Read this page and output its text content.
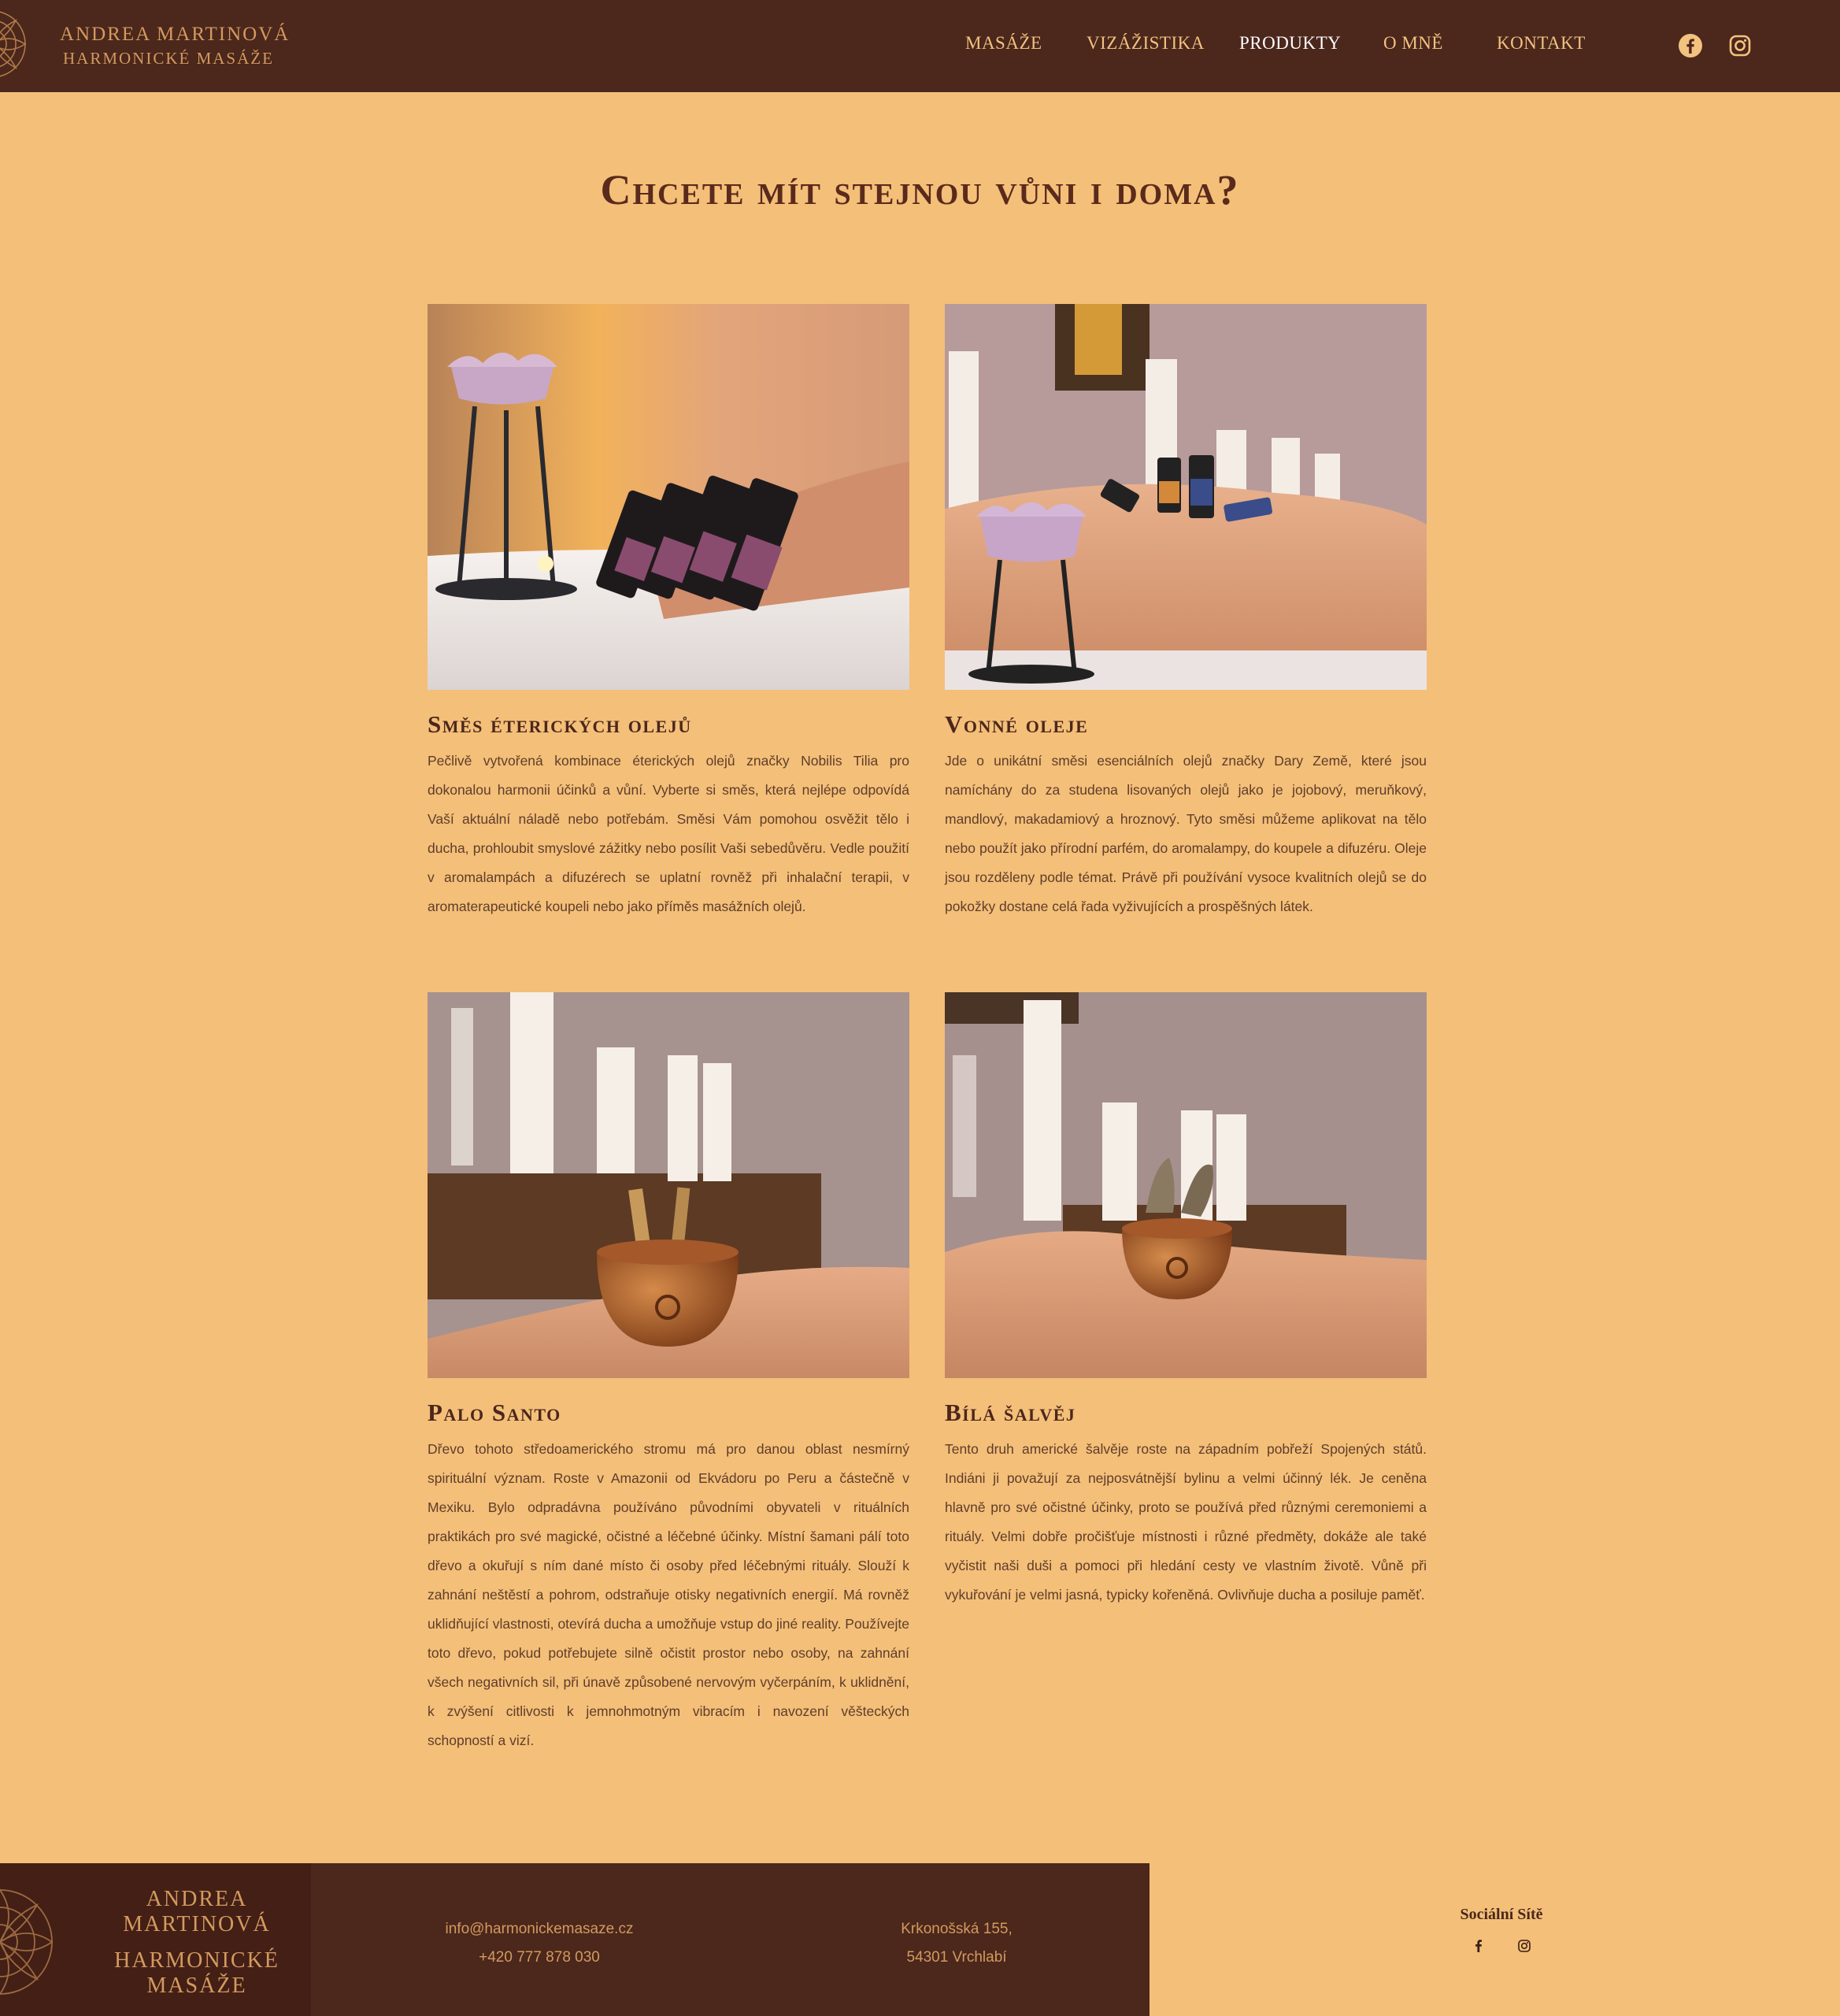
ANDREA MARTINOVÁ
HARMONICKÉ MASÁŽE
MASÁŽE VIZÁŽISTIKA PRODUKTY O MNĚ	KONTAKT
Chcete mít stejnou vůni i doma?
Směs éterických olejů

Pečlivě vytvořená kombinace éterických olejů značky Nobilis Tilia pro dokonalou harmonii účinků a vůní. Vyberte si směs, která nejlépe odpovídá Vaší aktuální náladě nebo potřebám. Směsi Vám pomohou osvěžit tělo i ducha, prohloubit smyslové zážitky nebo posílit Vaši sebedůvěru. Vedle použití v aromalampách a difuzérech se uplatní rovněž při inhalační terapii, v aromaterapeutické koupeli nebo jako příměs masážních olejů.

Vonné oleje

Jde o unikátní směsi esenciálních olejů značky Dary Země, které jsou namíchány do za studena lisovaných olejů jako je jojobový, meruňkový, mandlový, makadamiový a hroznový. Tyto směsi můžeme aplikovat na tělo nebo použít jako přírodní parfém, do aromalampy, do koupele a difuzéru. Oleje jsou rozděleny podle témat. Právě při používání vysoce kvalitních olejů se do pokožky dostane celá řada vyživujících a prospěšných látek.

Palo Santo

Dřevo tohoto středoamerického stromu má pro danou oblast nesmírný spirituální význam. Roste v Amazonii od Ekvádoru po Peru a částečně v Mexiku. Bylo odpradávna používáno původními obyvateli v rituálních praktikách pro své magické, očistné a léčebné účinky. Místní šamani pálí toto dřevo a okuřují s ním dané místo či osoby před léčebnými rituály. Slouží k zahnání neštěstí a pohrom, odstraňuje otisky negativních energií. Má rovněž uklidňující vlastnosti, otevírá ducha a umožňuje vstup do jiné reality. Používejte toto dřevo, pokud potřebujete silně očistit prostor nebo osoby, na zahnání všech negativních sil, při únavě způsobené nervovým vyčerpáním, k uklidnění, k zvýšení citlivosti k jemnohmotným vibracím i navození věšteckých schopností a vizí.

Bílá šalvěj

Tento druh americké šalvěje roste na západním pobřeží Spojených států. Indiáni ji považují za nejposvátnější bylinu a velmi účinný lék. Je ceněna hlavně pro své očistné účinky, proto se používá před různými ceremoniemi a rituály. Velmi dobře pročišťuje místnosti i různé předměty, dokáže ale také vyčistit naši duši a pomoci při hledání cesty ve vlastním životě. Vůně při vykuřování je velmi jasná, typicky kořeněná. Ovlivňuje ducha a posiluje paměť.

ANDREA
MARTINOVÁ
HARMONICKÉ
MASÁŽE
info@harmonickemasaze.cz
+420 777 878 030
Krkonošská 155,
54301 Vrchlabí
Sociální Sítě
